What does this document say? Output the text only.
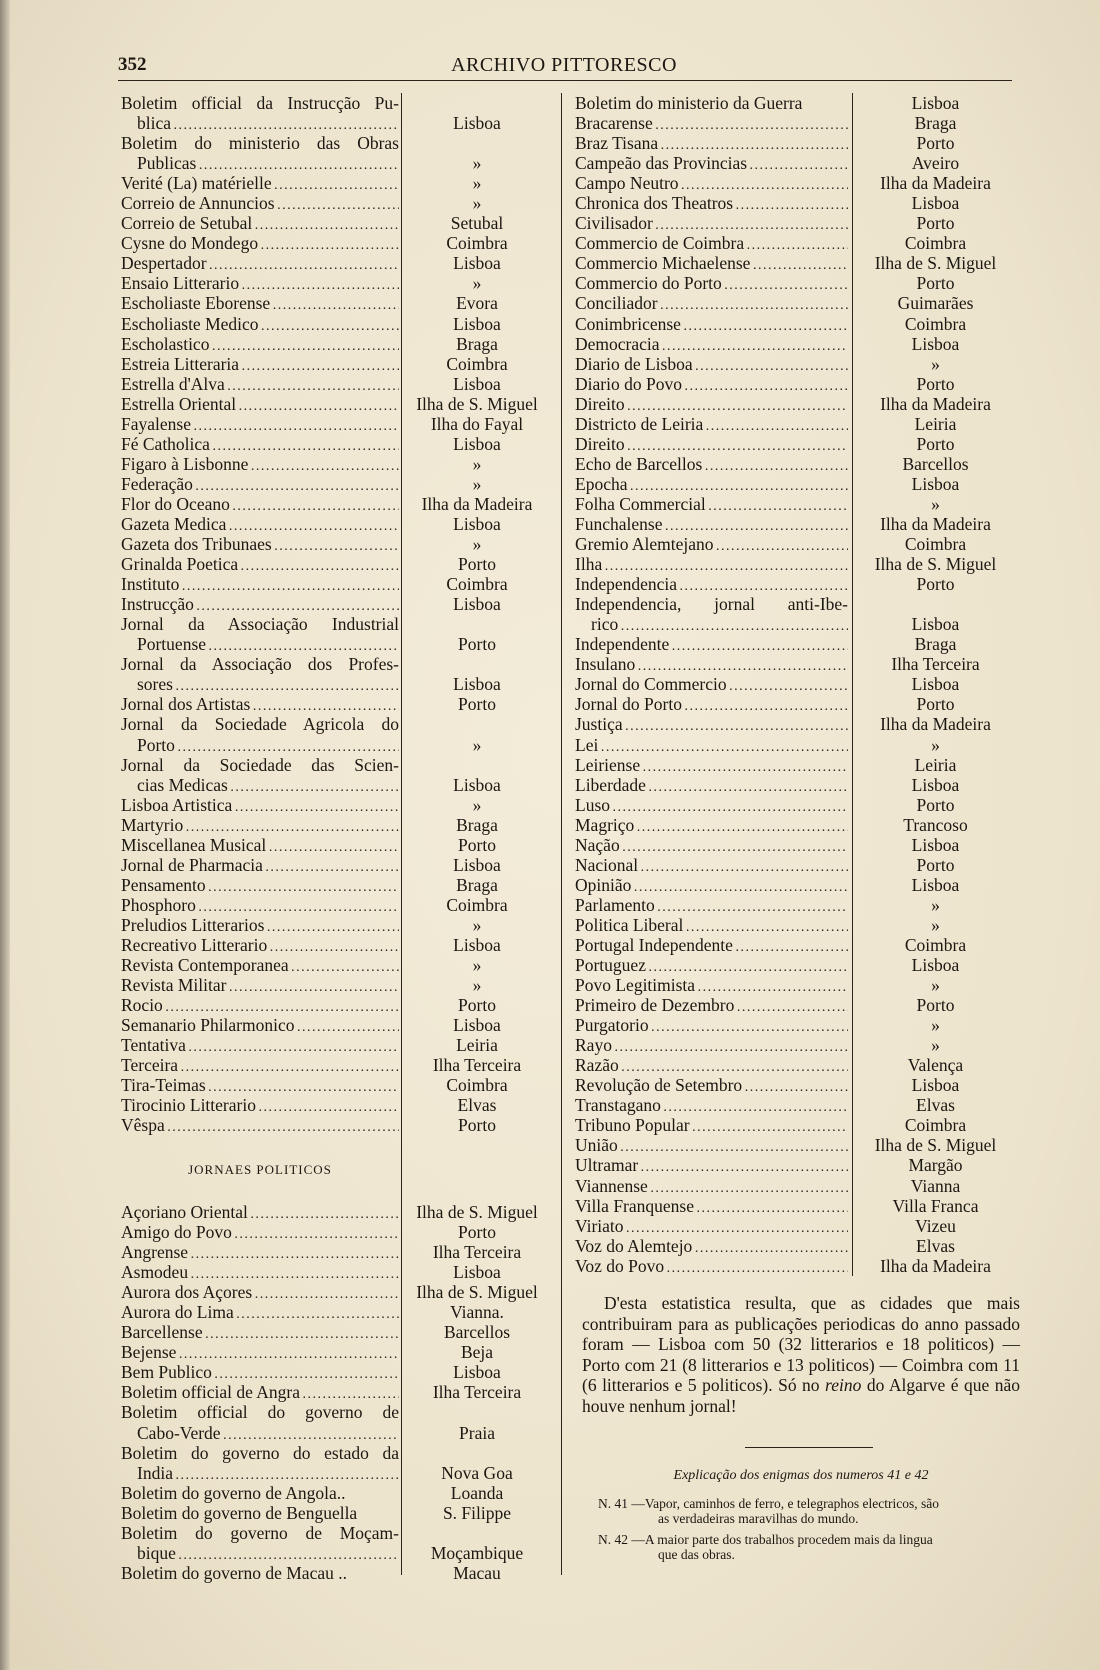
352	ARCHIVO PITTORESCO
Boletim official da Instrucção Pu-
blica . . .
Boletim do ministerio das Obras
Publicas . . .
Verité (La) matérielle . . .
Correio de Annuncios . . .
Correio de Setubal . . .
Cysne do Mondego . . .
Despertador . . .
Ensaio Litterario . . .
Escholiaste Eborense . . .
Escholiaste Medico . . .
Escholastico . . .
Estreia Litteraria . . .
Estrella d'Alva . . .
Estrella Oriental . . .
Fayalense . . .
Fé Catholica . . .
Figaro à Lisbonne . . .
Federação . . .
Flor do Oceano . . .
Gazeta Medica . . .
Gazeta dos Tribunaes . . .
Grinalda Poetica . . .
Instituto . . .
Instrucção . . .
Jornal da Associação Industrial
Portuense . . .
Jornal da Associação dos Profes-
sores . . .
Jornal dos Artistas . . .
Jornal da Sociedade Agricola do
Porto . . .
Jornal da Sociedade das Scien-
cias Medicas . . .
Lisboa Artistica . . .
Martyrio . . .
Miscellanea Musical . . .
Jornal de Pharmacia . . .
Pensamento . . .
Phosphoro . . .
Preludios Litterarios . . .
Recreativo Litterario . . .
Revista Contemporanea . . .
Revista Militar . . .
Rocio . . .
Semanario Philarmonico . . .
Tentativa . . .
Terceira . . .
Tira-Teimas . . .
Tirocinio Litterario . . .
Vêspa . . .
Lisboa
»
»
»
Setubal
Coimbra
Lisboa
»
Evora
Lisboa
Braga
Coimbra
Lisboa
Ilha de S. Miguel
Ilha do Fayal
Lisboa
»
»
Ilha da Madeira
Lisboa
»
Porto
Coimbra
Lisboa
Porto
Lisboa
Porto
»
Lisboa
»
Braga
Porto
Lisboa
Braga
Coimbra
»
Lisboa
»
»
Porto
Lisboa
Leiria
Ilha Terceira
Coimbra
Elvas
Porto
JORNAES POLITICOS
Açoriano Oriental . . .
Amigo do Povo . . .
Angrense . . .
Asmodeu . . .
Aurora dos Açores . . .
Aurora do Lima . . .
Barcellense . . .
Bejense . . .
Bem Publico . . .
Boletim official de Angra . . .
Boletim official do governo de
Cabo-Verde . . .
Boletim do governo do estado da
India . . .
Boletim do governo de Angola..
Boletim do governo de Benguella
Boletim do governo de Moçam-
bique . . .
Boletim do governo de Macau ..
Ilha de S. Miguel
Porto
Ilha Terceira
Lisboa
Ilha de S. Miguel
Vianna.
Barcellos
Beja
Lisboa
Ilha Terceira
Praia
Nova Goa
Loanda
S. Filippe
Moçambique
Macau
Boletim do ministerio da Guerra
Bracarense . . .
Braz Tisana . . .
Campeão das Provincias . . .
Campo Neutro . . .
Chronica dos Theatros . . .
Civilisador . . .
Commercio de Coimbra . . .
Commercio Michaelense . . .
Commercio do Porto . . .
Conciliador . . .
Conimbricense . . .
Democracia . . .
Diario de Lisboa . . .
Diario do Povo . . .
Direito . . .
Districto de Leiria . . .
Direito . . .
Echo de Barcellos . . .
Epocha . . .
Folha Commercial . . .
Funchalense . . .
Gremio Alemtejano . . .
Ilha . . .
Independencia . . .
Independencia, jornal anti-Ibe-
rico . . .
Independente . . .
Insulano . . .
Jornal do Commercio . . .
Jornal do Porto . . .
Justiça . . .
Lei . . .
Leiriense . . .
Liberdade . . .
Luso . . .
Magriço . . .
Nação . . .
Nacional . . .
Opinião . . .
Parlamento . . .
Politica Liberal . . .
Portugal Independente . . .
Portuguez . . .
Povo Legitimista . . .
Primeiro de Dezembro . . .
Purgatorio . . .
Rayo . . .
Razão . . .
Revolução de Setembro . . .
Transtagano . . .
Tribuno Popular . . .
União . . .
Ultramar . . .
Viannense . . .
Villa Franquense . . .
Viriato . . .
Voz do Alemtejo . . .
Voz do Povo . . .
Lisboa
Braga
Porto
Aveiro
Ilha da Madeira
Lisboa
Porto
Coimbra
Ilha de S. Miguel
Porto
Guimarães
Coimbra
Lisboa
»
Porto
Ilha da Madeira
Leiria
Porto
Barcellos
Lisboa
»
Ilha da Madeira
Coimbra
Ilha de S. Miguel
Porto
Lisboa
Braga
Ilha Terceira
Lisboa
Porto
Ilha da Madeira
»
Leiria
Lisboa
Porto
Trancoso
Lisboa
Porto
Lisboa
»
»
Coimbra
Lisboa
»
Porto
»
»
Valença
Lisboa
Elvas
Coimbra
Ilha de S. Miguel
Margão
Vianna
Villa Franca
Vizeu
Elvas
Ilha da Madeira

D'esta estatistica resulta, que as cidades que mais contribuiram para as publicações periodicas do anno passado foram — Lisboa com 50 (32 litterarios e 18 politicos) — Porto com 21 (8 litterarios e 13 politicos) — Coimbra com 11 (6 litterarios e 5 politicos). Só no reino do Algarve é que não houve nenhum jornal!

Explicação dos enigmas dos numeros 41 e 42
N. 41 —Vapor, caminhos de ferro, e telegraphos electricos, são
as verdadeiras maravilhas do mundo.
N. 42 —A maior parte dos trabalhos procedem mais da lingua
que das obras.
